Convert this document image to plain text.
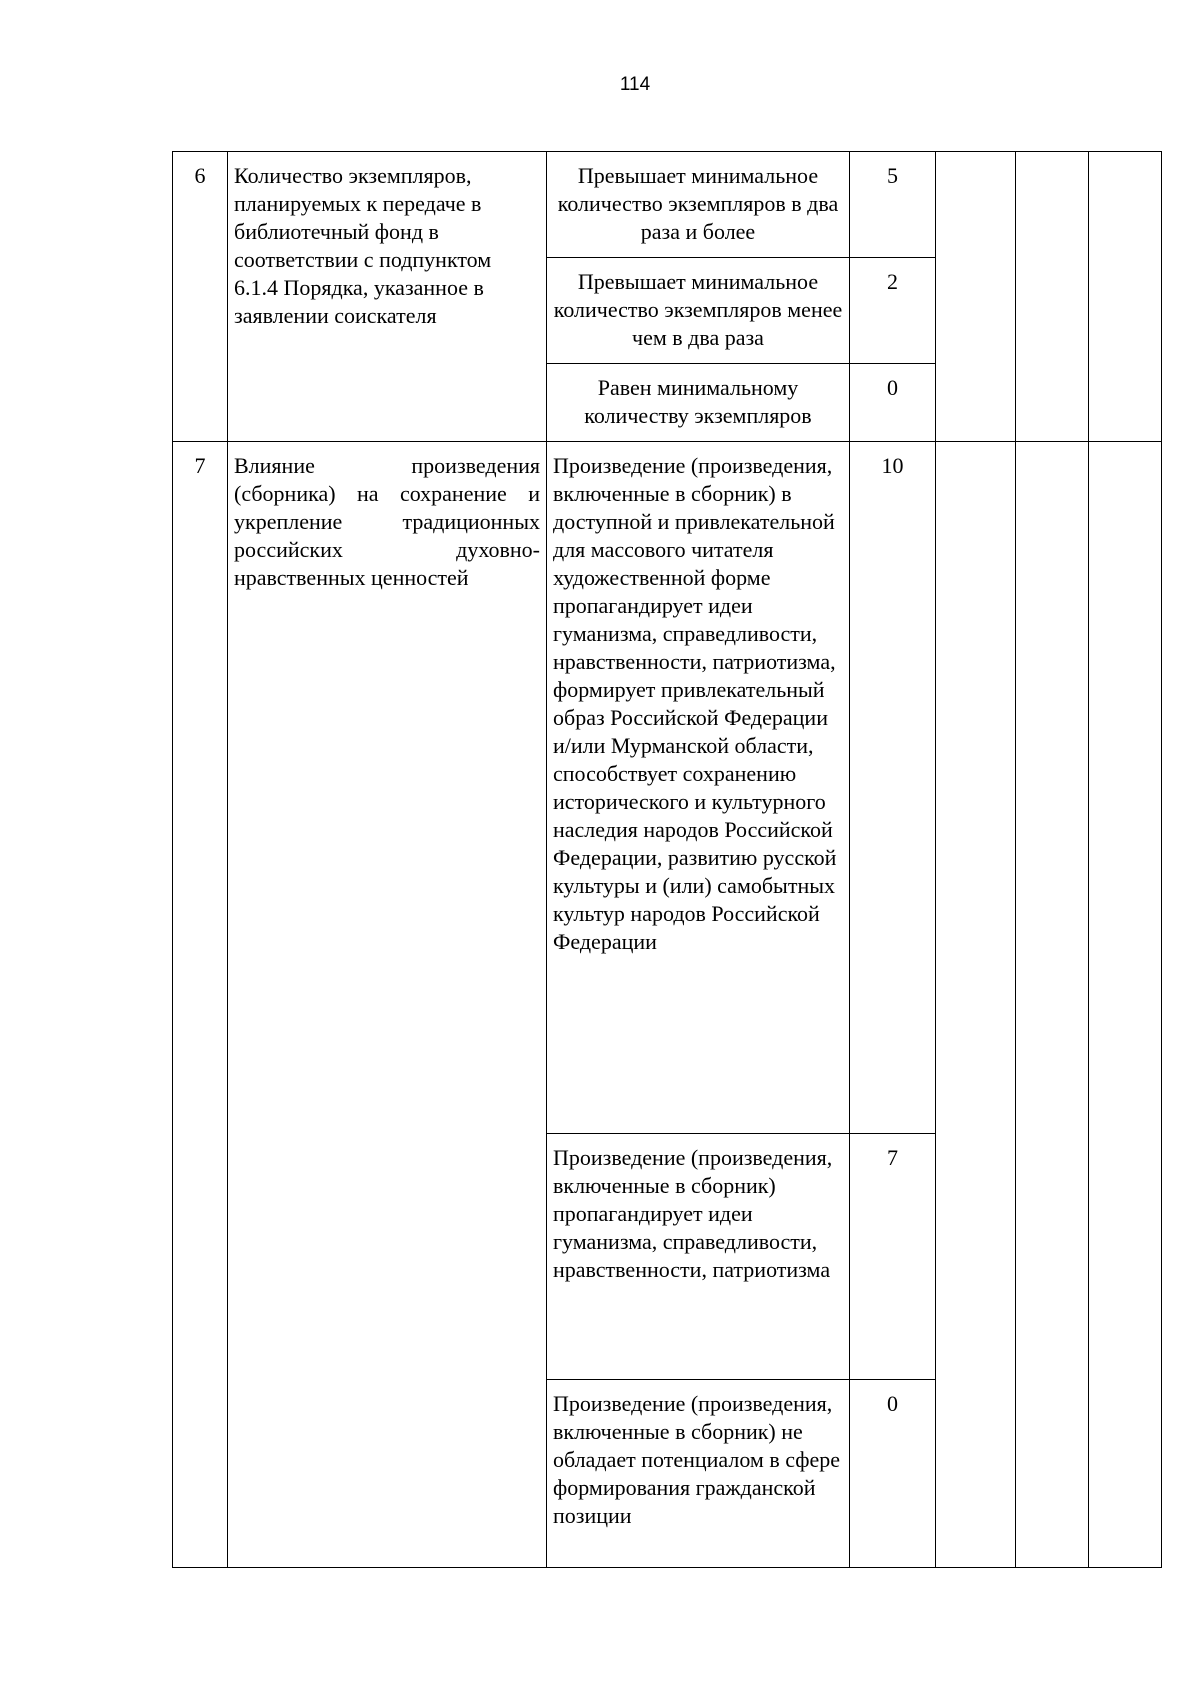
114
6	Количество экземпляров, планируемых к передаче в библиотечный фонд в соответствии с подпунктом 6.1.4 Порядка, указанное в заявлении соискателя	Превышает минимальное количество экземпляров в два раза и более	5			
		Превышает минимальное количество экземпляров менее чем в два раза	2			
		Равен минимальному количеству экземпляров	0			
7	Влияние произведения (сборника) на сохранение и укрепление традиционных российских духовно-нравственных ценностей	Произведение (произведения, включенные в сборник) в доступной и привлекательной для массового читателя художественной форме пропагандирует идеи гуманизма, справедливости, нравственности, патриотизма, формирует привлекательный образ Российской Федерации и/или Мурманской области, способствует сохранению исторического и культурного наследия народов Российской Федерации, развитию русской культуры и (или) самобытных культур народов Российской Федерации	10			
		Произведение (произведения, включенные в сборник) пропагандирует идеи гуманизма, справедливости, нравственности, патриотизма	7			
		Произведение (произведения, включенные в сборник) не обладает потенциалом в сфере формирования гражданской позиции	0			
